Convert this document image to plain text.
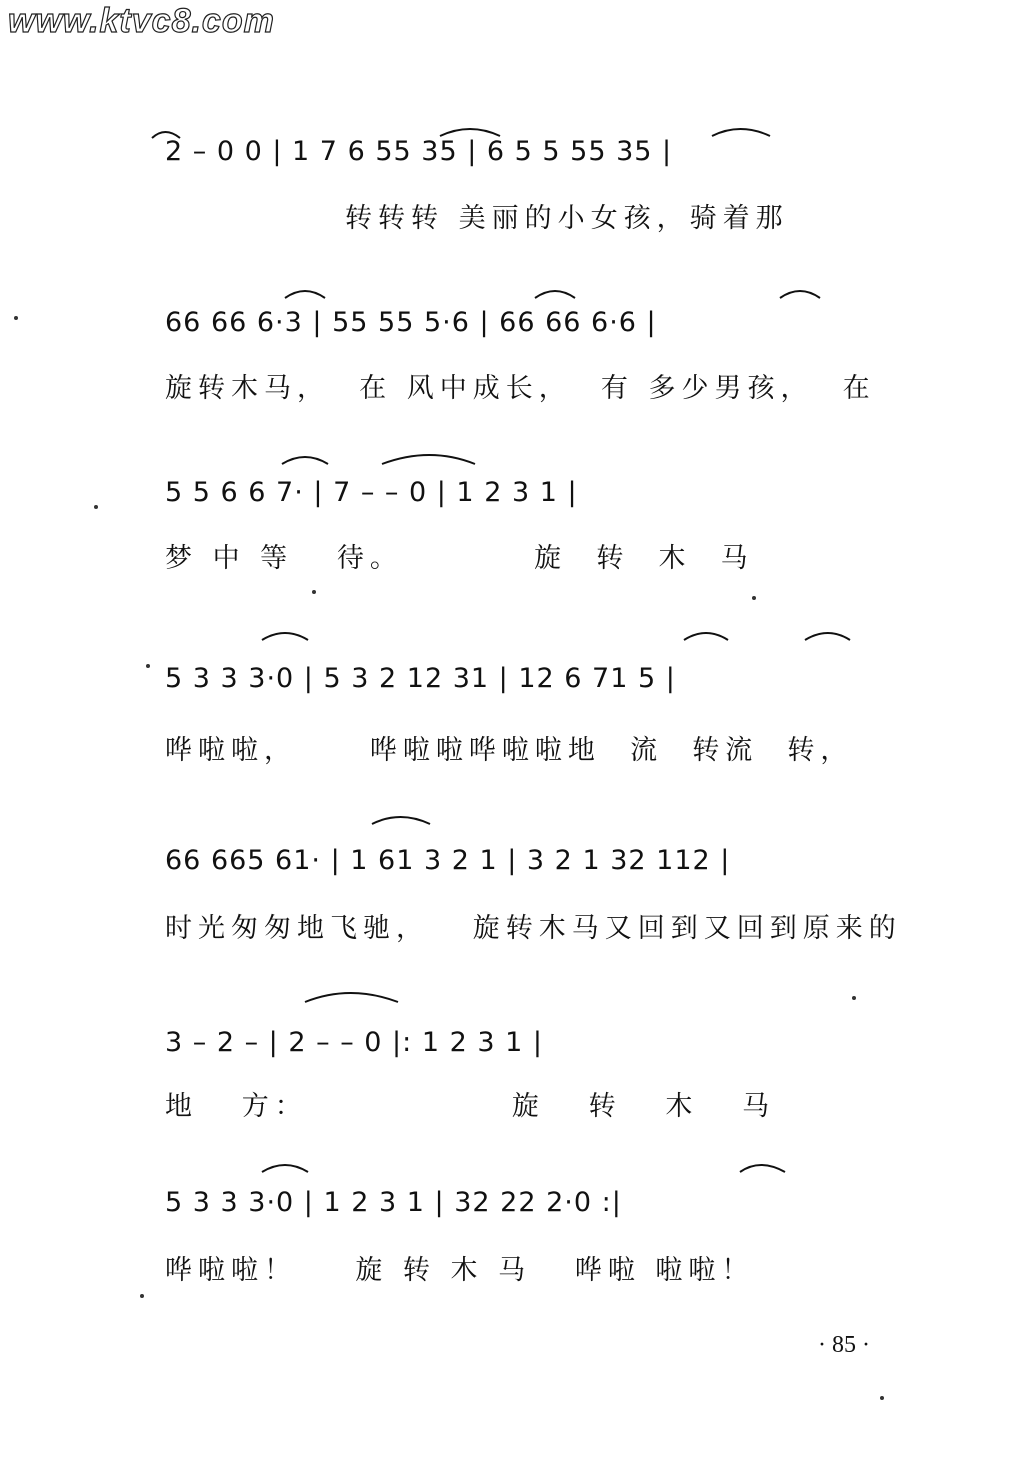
www.ktvc8.com
2 – 0 0 | 1 7 6 55 35 | 6 5 5 55 35 |
转转转 美丽的小女孩，骑着那
66 66 6·3 | 55 55 5·6 | 66 66 6·6 |
旋转木马，  在 风中成长，  有 多少男孩，  在
5 5 6 6 7· | 7 – – 0 | 1 2 3 1 |
梦 中 等   待。         旋  转  木  马
5 3 3 3·0 | 5 3 2 12 31 | 12 6 71 5 |
哗啦啦，     哗啦啦哗啦啦地  流  转流  转，
66 665 61· | 1 61 3 2 1 | 3 2 1 32 112 |
时光匆匆地飞驰，   旋转木马又回到又回到原来的
3 – 2 – | 2 – – 0 |: 1 2 3 1 |
地   方：              旋   转   木   马
5 3 3 3·0 | 1 2 3 1 | 32 22 2·0 :|
哗啦啦！    旋 转 木 马   哗啦 啦啦！
· 85 ·
